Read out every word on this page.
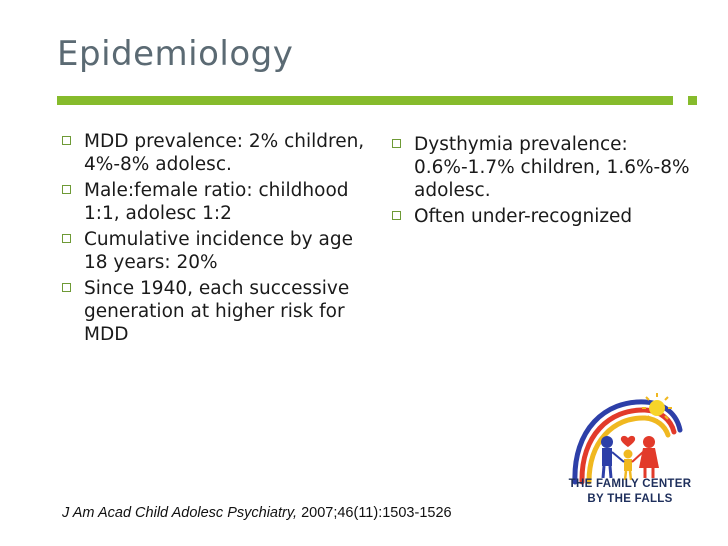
Epidemiology
MDD prevalence: 2% children, 4%-8% adolesc.
Male:female ratio: childhood 1:1, adolesc 1:2
Cumulative incidence by age 18 years: 20%
Since 1940, each successive generation at higher risk for MDD
Dysthymia prevalence: 0.6%-1.7% children, 1.6%-8% adolesc.
Often under-recognized
THE FAMILY CENTER
BY THE FALLS
J Am Acad Child Adolesc Psychiatry, 2007;46(11):1503-1526
